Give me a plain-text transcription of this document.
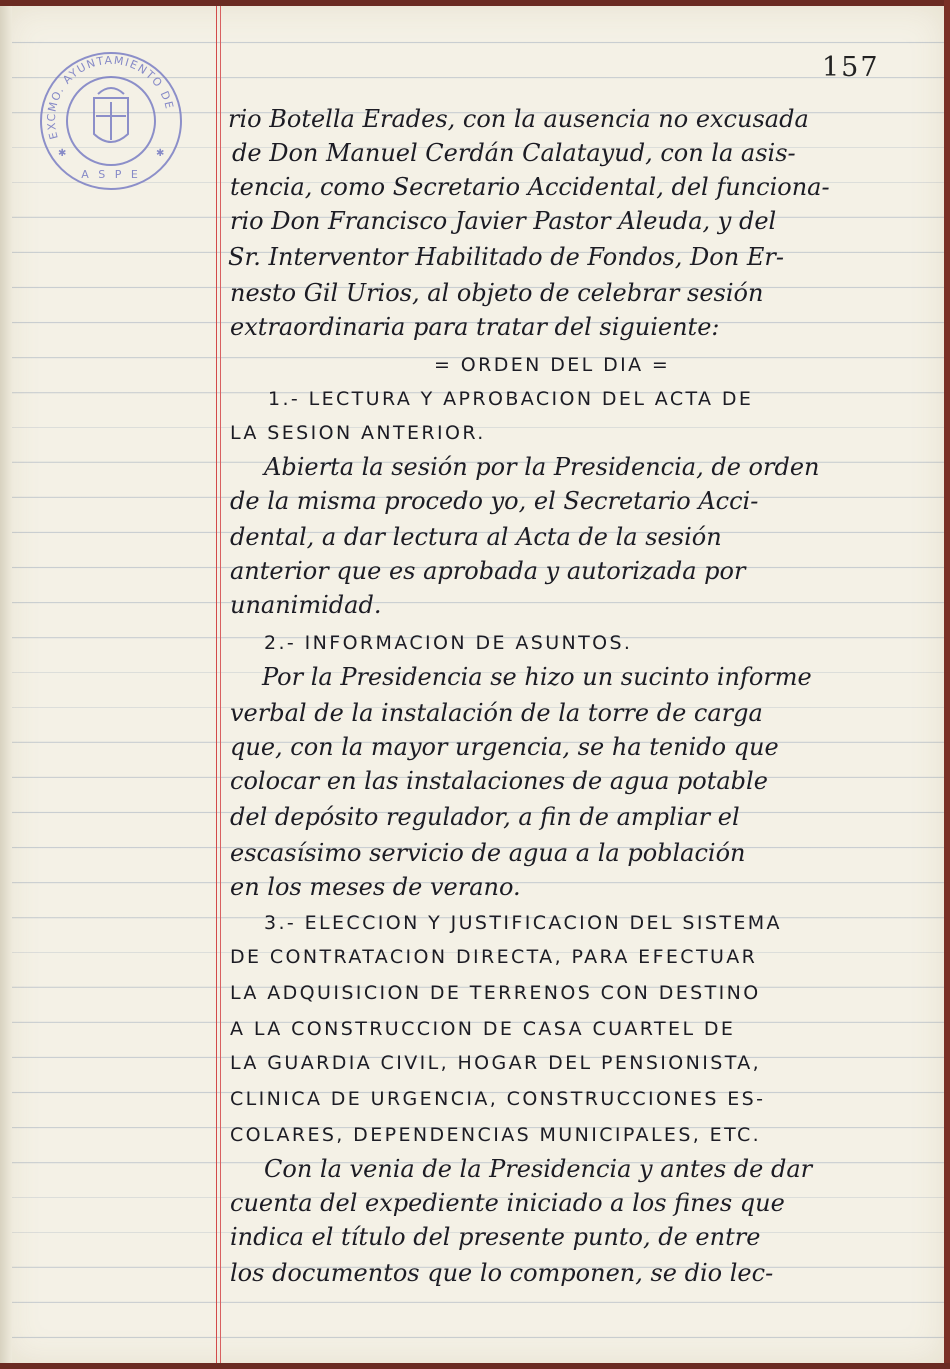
EXCMO. AYUNTAMIENTO DE
A S P E
✱	✱
157
rio Botella Erades, con la ausencia no excusada
de Don Manuel Cerdán Calatayud, con la asis-
tencia, como Secretario Accidental, del funciona-
rio Don Francisco Javier Pastor Aleuda, y del
Sr. Interventor Habilitado de Fondos, Don Er-
nesto Gil Urios, al objeto de celebrar sesión
extraordinaria para tratar del siguiente:
= ORDEN DEL DIA =
1.- LECTURA Y APROBACION DEL ACTA DE
LA SESION ANTERIOR.
Abierta la sesión por la Presidencia, de orden
de la misma procedo yo, el Secretario Acci-
dental, a dar lectura al Acta de la sesión
anterior que es aprobada y autorizada por
unanimidad.
2.- INFORMACION DE ASUNTOS.
Por la Presidencia se hizo un sucinto informe
verbal de la instalación de la torre de carga
que, con la mayor urgencia, se ha tenido que
colocar en las instalaciones de agua potable
del depósito regulador, a fin de ampliar el
escasísimo servicio de agua a la población
en los meses de verano.
3.- ELECCION Y JUSTIFICACION DEL SISTEMA
DE CONTRATACION DIRECTA, PARA EFECTUAR
LA ADQUISICION DE TERRENOS CON DESTINO
A LA CONSTRUCCION DE CASA CUARTEL DE
LA GUARDIA CIVIL, HOGAR DEL PENSIONISTA,
CLINICA DE URGENCIA, CONSTRUCCIONES ES-
COLARES, DEPENDENCIAS MUNICIPALES, ETC.
Con la venia de la Presidencia y antes de dar
cuenta del expediente iniciado a los fines que
indica el título del presente punto, de entre
los documentos que lo componen, se dio lec-
